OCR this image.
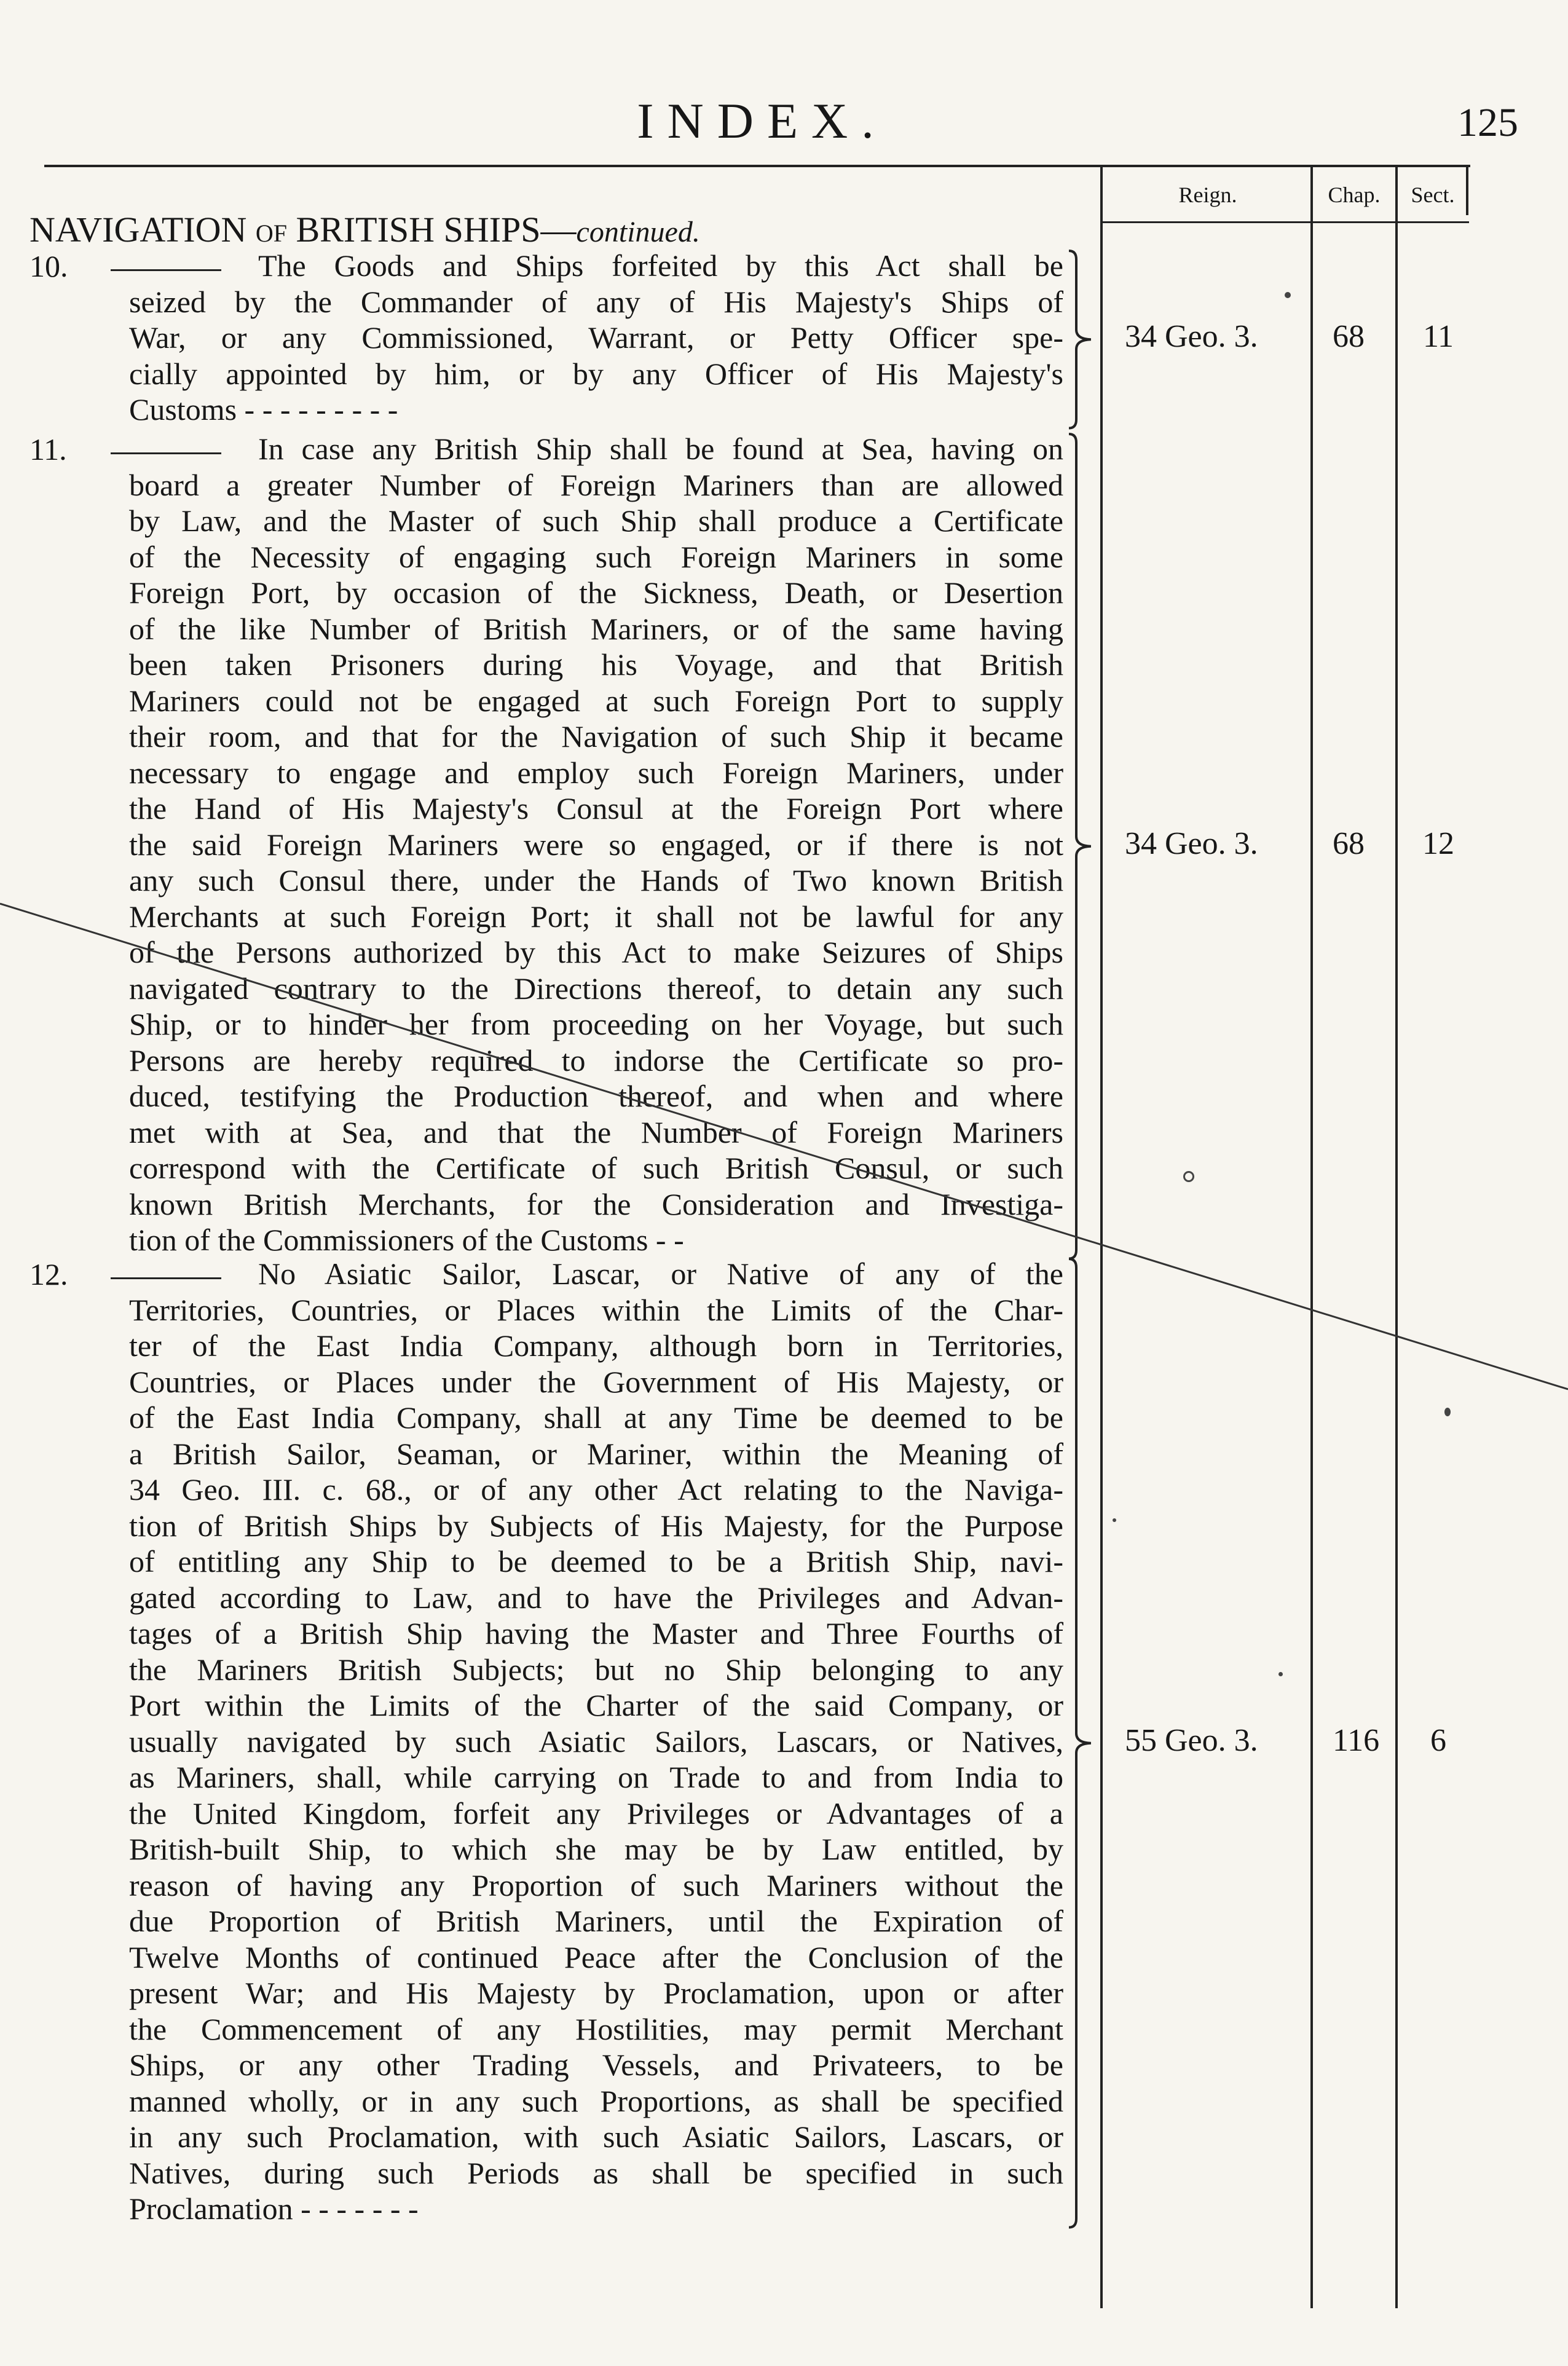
INDEX.	125
Reign.	Chap.	Sect.
NAVIGATION OF BRITISH SHIPS—continued.
10.	The Goods and Ships forfeited by this Act shall be
seized by the Commander of any of His Majesty's Ships of
War, or any Commissioned, Warrant, or Petty Officer spe-
cially appointed by him, or by any Officer of His Majesty's
Customs - - - - - - - - -
34 Geo. 3. 68 11
11.	In case any British Ship shall be found at Sea, having on
board a greater Number of Foreign Mariners than are allowed
by Law, and the Master of such Ship shall produce a Certificate
of the Necessity of engaging such Foreign Mariners in some
Foreign Port, by occasion of the Sickness, Death, or Desertion
of the like Number of British Mariners, or of the same having
been taken Prisoners during his Voyage, and that British
Mariners could not be engaged at such Foreign Port to supply
their room, and that for the Navigation of such Ship it became
necessary to engage and employ such Foreign Mariners, under
the Hand of His Majesty's Consul at the Foreign Port where
the said Foreign Mariners were so engaged, or if there is not
any such Consul there, under the Hands of Two known British
Merchants at such Foreign Port; it shall not be lawful for any
of the Persons authorized by this Act to make Seizures of Ships
navigated contrary to the Directions thereof, to detain any such
Ship, or to hinder her from proceeding on her Voyage, but such
Persons are hereby required to indorse the Certificate so pro-
duced, testifying the Production thereof, and when and where
met with at Sea, and that the Number of Foreign Mariners
correspond with the Certificate of such British Consul, or such
known British Merchants, for the Consideration and Investiga-
tion of the Commissioners of the Customs - -
34 Geo. 3. 68 12
12.	No Asiatic Sailor, Lascar, or Native of any of the
Territories, Countries, or Places within the Limits of the Char-
ter of the East India Company, although born in Territories,
Countries, or Places under the Government of His Majesty, or
of the East India Company, shall at any Time be deemed to be
a British Sailor, Seaman, or Mariner, within the Meaning of
34 Geo. III. c. 68., or of any other Act relating to the Naviga-
tion of British Ships by Subjects of His Majesty, for the Purpose
of entitling any Ship to be deemed to be a British Ship, navi-
gated according to Law, and to have the Privileges and Advan-
tages of a British Ship having the Master and Three Fourths of
the Mariners British Subjects; but no Ship belonging to any
Port within the Limits of the Charter of the said Company, or
usually navigated by such Asiatic Sailors, Lascars, or Natives,
as Mariners, shall, while carrying on Trade to and from India to
the United Kingdom, forfeit any Privileges or Advantages of a
British-built Ship, to which she may be by Law entitled, by
reason of having any Proportion of such Mariners without the
due Proportion of British Mariners, until the Expiration of
Twelve Months of continued Peace after the Conclusion of the
present War; and His Majesty by Proclamation, upon or after
the Commencement of any Hostilities, may permit Merchant
Ships, or any other Trading Vessels, and Privateers, to be
manned wholly, or in any such Proportions, as shall be specified
in any such Proclamation, with such Asiatic Sailors, Lascars, or
Natives, during such Periods as shall be specified in such
Proclamation - - - - - - -
55 Geo. 3. 116	6
